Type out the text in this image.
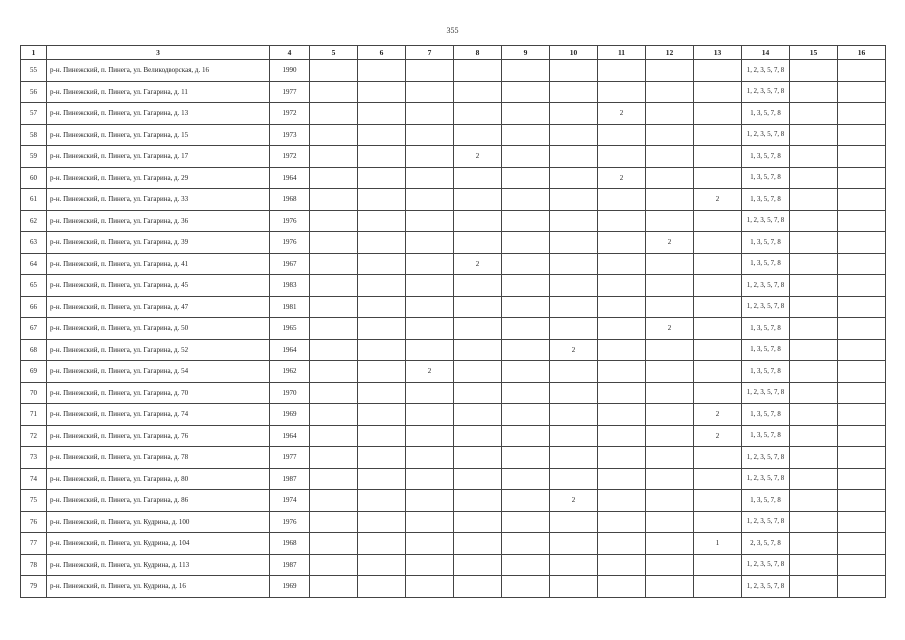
355
1	3	4	5	6	7	8	9	10	11	12	13	14	15	16
55	р-н. Пинежский, п. Пинега, ул. Великодворская, д. 16	1990										1, 2, 3, 5, 7, 8		
56	р-н. Пинежский, п. Пинега, ул. Гагарина, д. 11	1977										1, 2, 3, 5, 7, 8		
57	р-н. Пинежский, п. Пинега, ул. Гагарина, д. 13	1972							2			1, 3, 5, 7, 8		
58	р-н. Пинежский, п. Пинега, ул. Гагарина, д. 15	1973										1, 2, 3, 5, 7, 8		
59	р-н. Пинежский, п. Пинега, ул. Гагарина, д. 17	1972				2						1, 3, 5, 7, 8		
60	р-н. Пинежский, п. Пинега, ул. Гагарина, д. 29	1964							2			1, 3, 5, 7, 8		
61	р-н. Пинежский, п. Пинега, ул. Гагарина, д. 33	1968									2	1, 3, 5, 7, 8		
62	р-н. Пинежский, п. Пинега, ул. Гагарина, д. 36	1976										1, 2, 3, 5, 7, 8		
63	р-н. Пинежский, п. Пинега, ул. Гагарина, д. 39	1976								2		1, 3, 5, 7, 8		
64	р-н. Пинежский, п. Пинега, ул. Гагарина, д. 41	1967				2						1, 3, 5, 7, 8		
65	р-н. Пинежский, п. Пинега, ул. Гагарина, д. 45	1983										1, 2, 3, 5, 7, 8		
66	р-н. Пинежский, п. Пинега, ул. Гагарина, д. 47	1981										1, 2, 3, 5, 7, 8		
67	р-н. Пинежский, п. Пинега, ул. Гагарина, д. 50	1965								2		1, 3, 5, 7, 8		
68	р-н. Пинежский, п. Пинега, ул. Гагарина, д. 52	1964						2				1, 3, 5, 7, 8		
69	р-н. Пинежский, п. Пинега, ул. Гагарина, д. 54	1962			2							1, 3, 5, 7, 8		
70	р-н. Пинежский, п. Пинега, ул. Гагарина, д. 70	1970										1, 2, 3, 5, 7, 8		
71	р-н. Пинежский, п. Пинега, ул. Гагарина, д. 74	1969									2	1, 3, 5, 7, 8		
72	р-н. Пинежский, п. Пинега, ул. Гагарина, д. 76	1964									2	1, 3, 5, 7, 8		
73	р-н. Пинежский, п. Пинега, ул. Гагарина, д. 78	1977										1, 2, 3, 5, 7, 8		
74	р-н. Пинежский, п. Пинега, ул. Гагарина, д. 80	1987										1, 2, 3, 5, 7, 8		
75	р-н. Пинежский, п. Пинега, ул. Гагарина, д. 86	1974						2				1, 3, 5, 7, 8		
76	р-н. Пинежский, п. Пинега, ул. Кудрина, д. 100	1976										1, 2, 3, 5, 7, 8		
77	р-н. Пинежский, п. Пинега, ул. Кудрина, д. 104	1968									1	2, 3, 5, 7, 8		
78	р-н. Пинежский, п. Пинега, ул. Кудрина, д. 113	1987										1, 2, 3, 5, 7, 8		
79	р-н. Пинежский, п. Пинега, ул. Кудрина, д. 16	1969										1, 2, 3, 5, 7, 8		
